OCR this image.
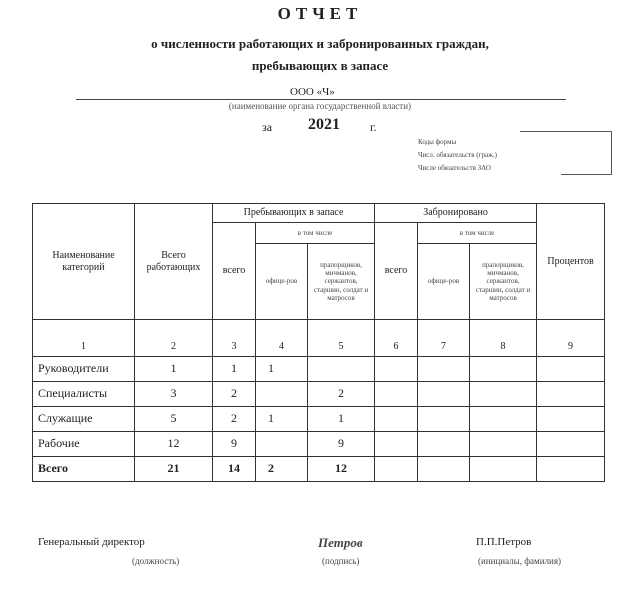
ОТЧЕТ
о численности работающих и забронированных граждан,
пребывающих в запасе
ООО «Ч»
(наименование органа государственной власти)
за 2021	г.
Коды формы
Числ. обязательств (граж.)
Числе обязательств ЗАО
Наименование категорий	Всего работающих	Пребывающих в запасе			Забронировано			Процентов
		всего	в том числе		всего	в том числе		
			офице-ров	прапорщиков, мичманов, сержантов, старшин, солдат и матросов		офице-ров	прапорщиков, мичманов, сержантов, старшин, солдат и матросов	
1	2	3	4	5	6	7	8	9
Руководители	1	1	1					
Специалисты	3	2		2				
Служащие	5	2	1	1				
Рабочие	12	9		9				
Всего	21	14	2	12				
Генеральный директор
(должность)
Петров
(подпись)
П.П.Петров
(инициалы, фамилия)
